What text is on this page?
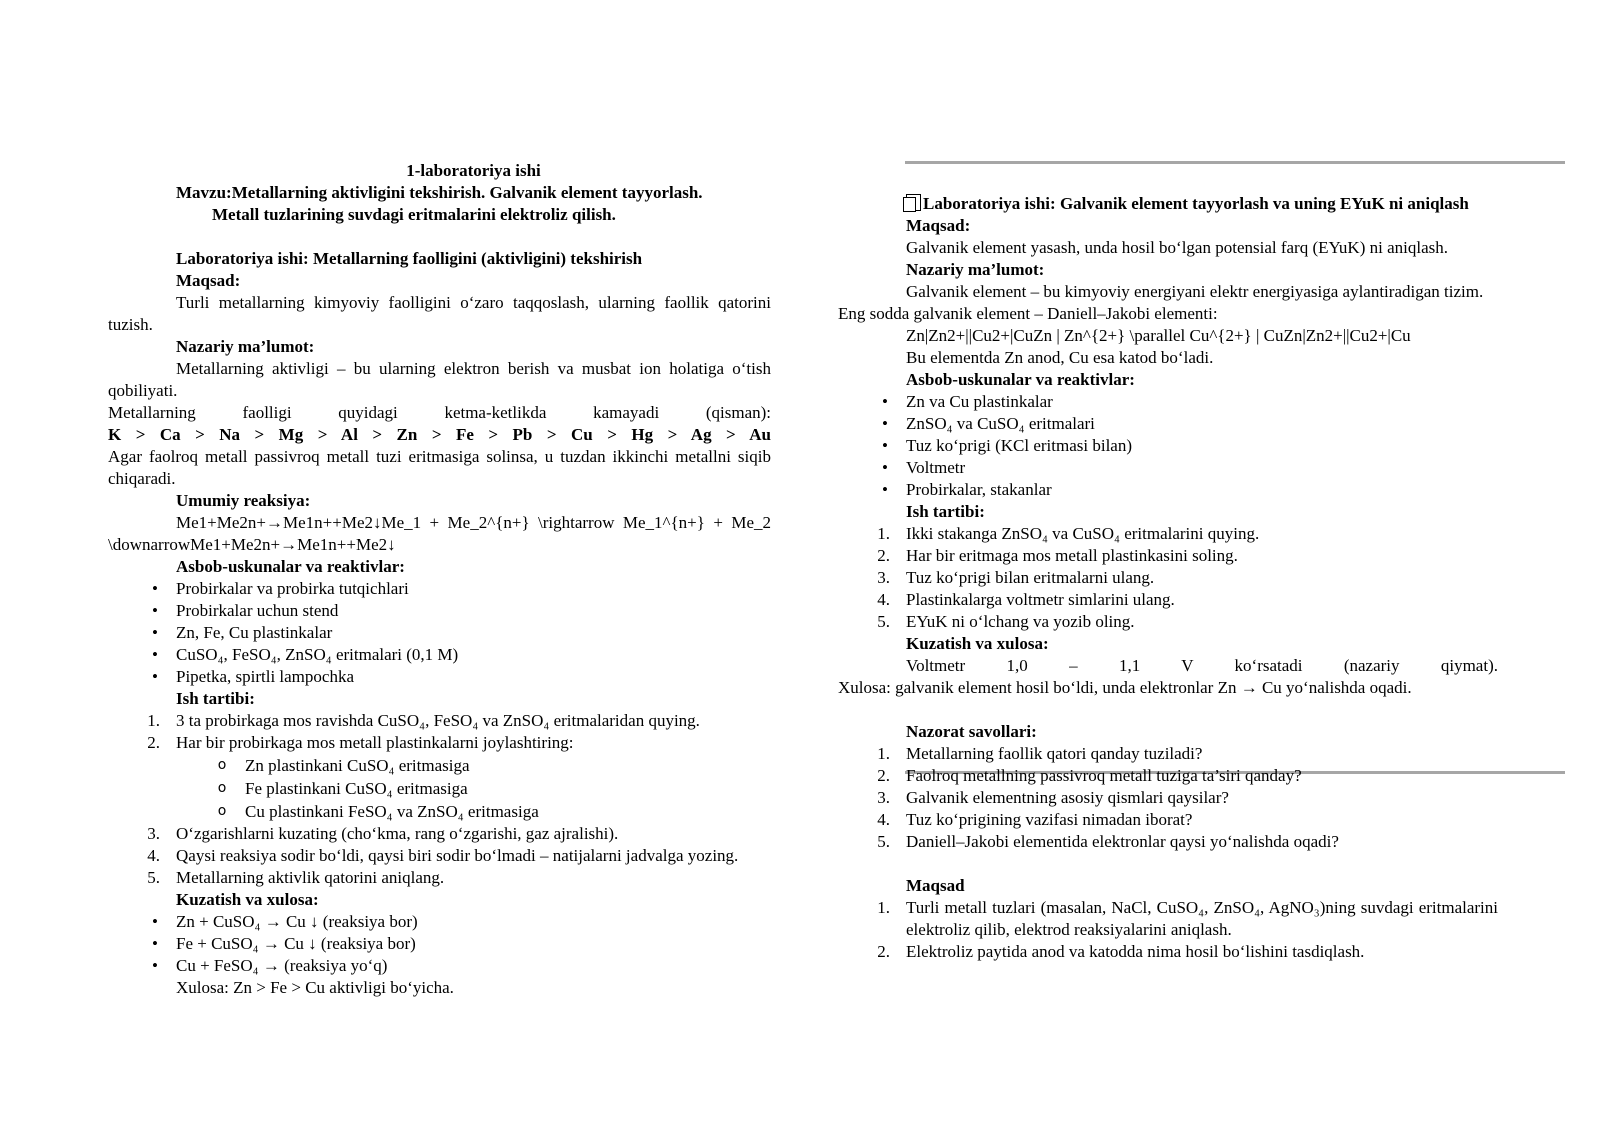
1-laboratoriya ishi

Mavzu:Metallarning aktivligini tekshirish. Galvanik element tayyorlash.

Metall tuzlarining suvdagi eritmalarini elektroliz qilish.

Laboratoriya ishi: Metallarning faolligini (aktivligini) tekshirish

Maqsad:

Turli metallarning kimyoviy faolligini o‘zaro taqqoslash, ularning faollik qatorini tuzish.

Nazariy ma’lumot:

Metallarning aktivligi – bu ularning elektron berish va musbat ion holatiga o‘tish qobiliyati.

Metallarning faolligi quyidagi ketma-ketlikda kamayadi (qisman):

K > Ca > Na > Mg > Al > Zn > Fe > Pb > Cu > Hg > Ag > Au

Agar faolroq metall passivroq metall tuzi eritmasiga solinsa, u tuzdan ikkinchi metallni siqib chiqaradi.

Umumiy reaksiya:

Me1+Me2n+→Me1n++Me2↓Me_1 + Me_2^{n+} \rightarrow Me_1^{n+} + Me_2 \downarrowMe1+Me2n+→Me1n++Me2↓

Asbob-uskunalar va reaktivlar:

•	Probirkalar va probirka tutqichlari
•	Probirkalar uchun stend
•	Zn, Fe, Cu plastinkalar
•	CuSO₄, FeSO₄, ZnSO₄ eritmalari (0,1 M)
•	Pipetka, spirtli lampochka

Ish tartibi:

1. 3 ta probirkaga mos ravishda CuSO₄, FeSO₄ va ZnSO₄ eritmalaridan quying.
2. Har bir probirkaga mos metall plastinkalarni joylashtiring:
o	Zn plastinkani CuSO₄ eritmasiga
o	Fe plastinkani CuSO₄ eritmasiga
o	Cu plastinkani FeSO₄ va ZnSO₄ eritmasiga
3. O‘zgarishlarni kuzating (cho‘kma, rang o‘zgarishi, gaz ajralishi).
4. Qaysi reaksiya sodir bo‘ldi, qaysi biri sodir bo‘lmadi – natijalarni jadvalga yozing.
5. Metallarning aktivlik qatorini aniqlang.

Kuzatish va xulosa:

•	Zn + CuSO₄ → Cu ↓ (reaksiya bor)
•	Fe + CuSO₄ → Cu ↓ (reaksiya bor)
•	Cu + FeSO₄ → (reaksiya yo‘q)

Xulosa: Zn > Fe > Cu aktivligi bo‘yicha.

Laboratoriya ishi: Galvanik element tayyorlash va uning EYuK ni aniqlash

Maqsad:

Galvanik element yasash, unda hosil bo‘lgan potensial farq (EYuK) ni aniqlash.

Nazariy ma’lumot:

Galvanik element – bu kimyoviy energiyani elektr energiyasiga aylantiradigan tizim.

Eng sodda galvanik element – Daniell–Jakobi elementi:

Zn|Zn2+||Cu2+|CuZn | Zn^{2+} \parallel Cu^{2+} | CuZn|Zn2+||Cu2+|Cu

Bu elementda Zn anod, Cu esa katod bo‘ladi.

Asbob-uskunalar va reaktivlar:

•	Zn va Cu plastinkalar
•	ZnSO₄ va CuSO₄ eritmalari
•	Tuz ko‘prigi (KCl eritmasi bilan)
•	Voltmetr
•	Probirkalar, stakanlar

Ish tartibi:

1. Ikki stakanga ZnSO₄ va CuSO₄ eritmalarini quying.
2. Har bir eritmaga mos metall plastinkasini soling.
3. Tuz ko‘prigi bilan eritmalarni ulang.
4. Plastinkalarga voltmetr simlarini ulang.
5. EYuK ni o‘lchang va yozib oling.

Kuzatish va xulosa:

Voltmetr 1,0 – 1,1 V ko‘rsatadi (nazariy qiymat).

Xulosa: galvanik element hosil bo‘ldi, unda elektronlar Zn → Cu yo‘nalishda oqadi.

Nazorat savollari:

1. Metallarning faollik qatori qanday tuziladi?
2. Faolroq metallning passivroq metall tuziga ta’siri qanday?
3. Galvanik elementning asosiy qismlari qaysilar?
4. Tuz ko‘prigining vazifasi nimadan iborat?
5. Daniell–Jakobi elementida elektronlar qaysi yo‘nalishda oqadi?

Maqsad

1. Turli metall tuzlari (masalan, NaCl, CuSO₄, ZnSO₄, AgNO₃)ning suvdagi eritmalarini elektroliz qilib, elektrod reaksiyalarini aniqlash.
2. Elektroliz paytida anod va katodda nima hosil bo‘lishini tasdiqlash.
